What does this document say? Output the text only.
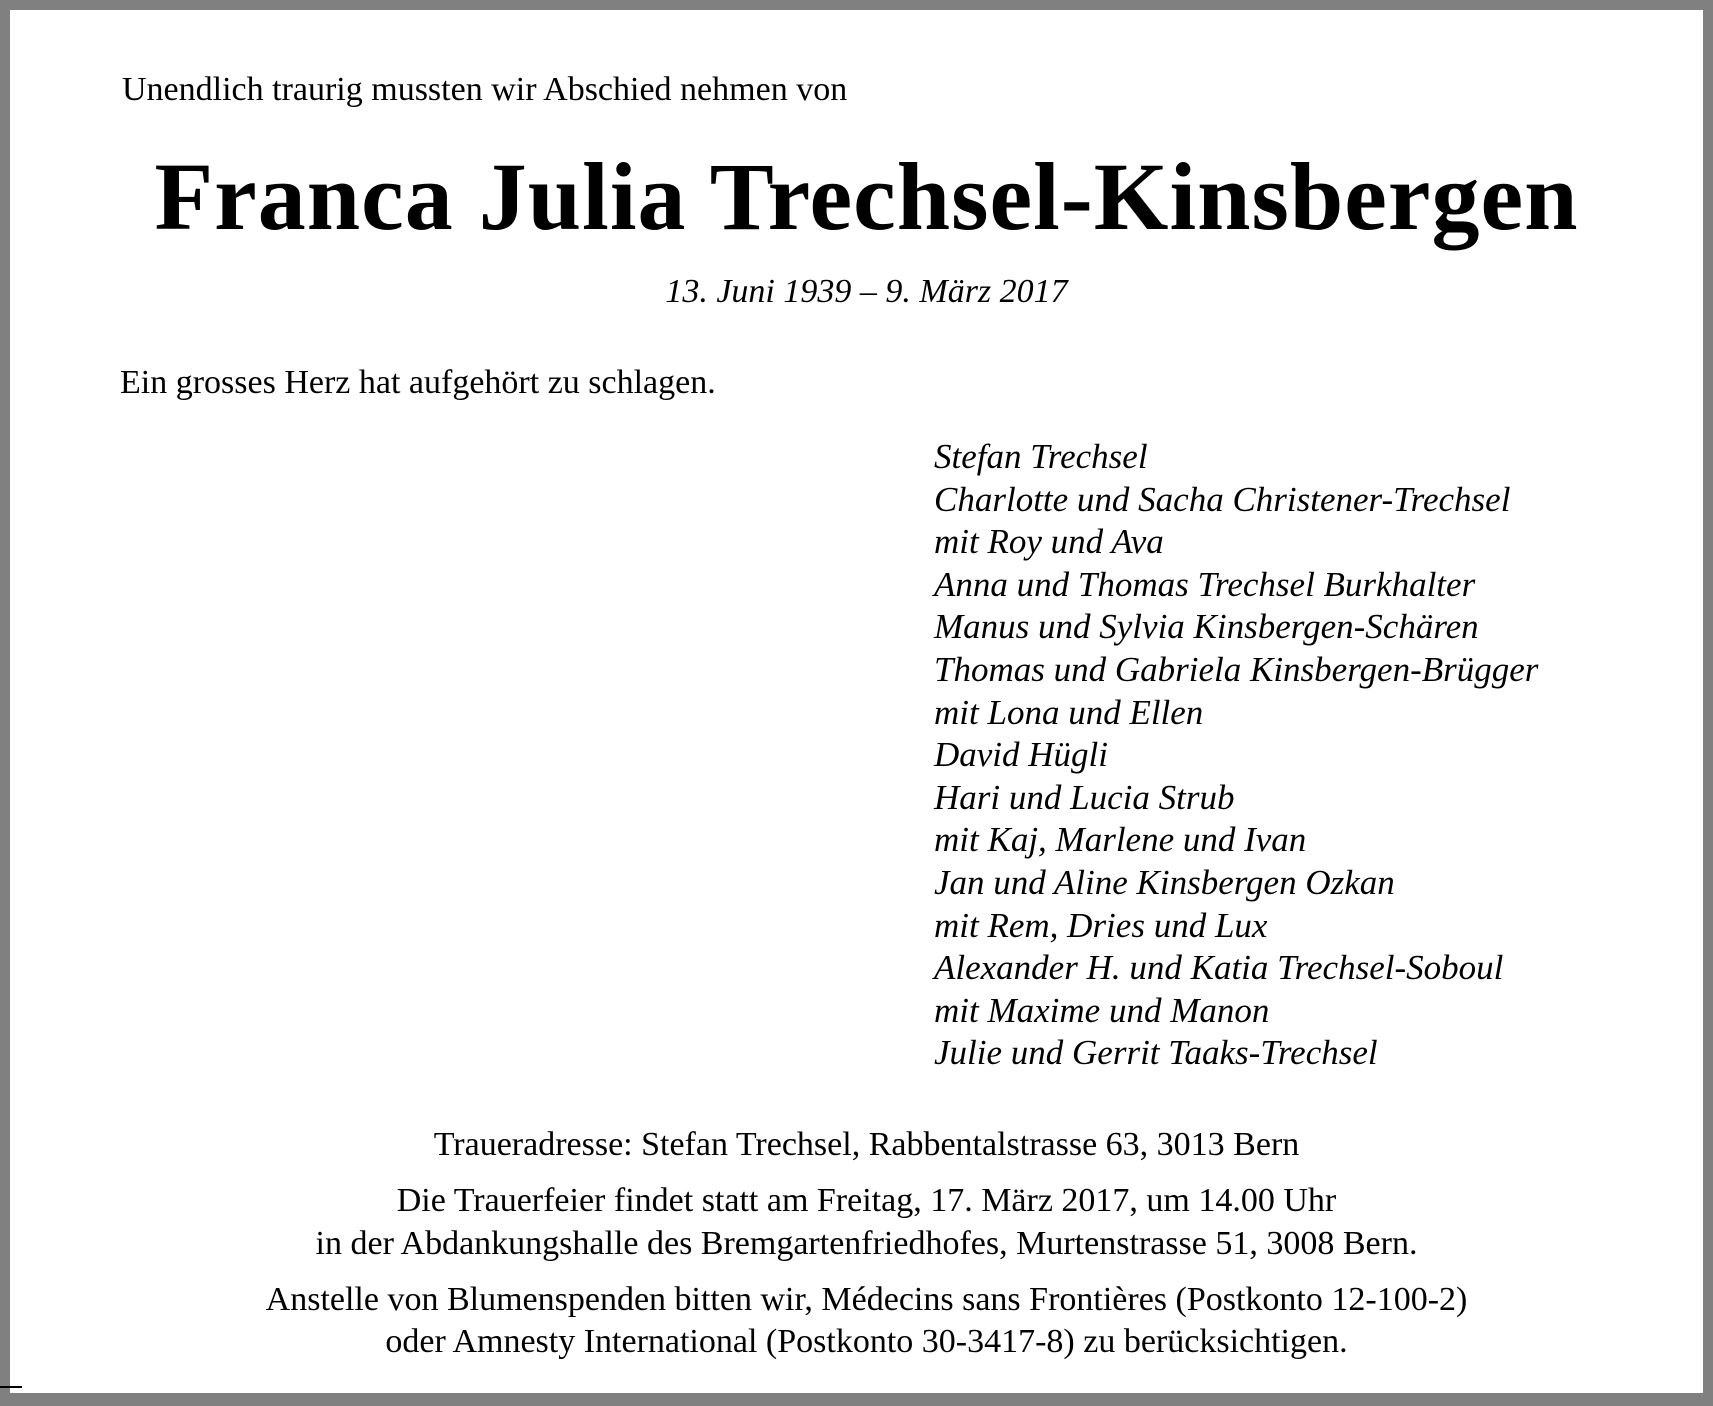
Unendlich traurig mussten wir Abschied nehmen von
Franca Julia Trechsel-Kinsbergen
13. Juni 1939 – 9. März 2017
Ein grosses Herz hat aufgehört zu schlagen.
Stefan Trechsel
Charlotte und Sacha Christener-Trechsel
mit Roy und Ava
Anna und Thomas Trechsel Burkhalter
Manus und Sylvia Kinsbergen-Schären
Thomas und Gabriela Kinsbergen-Brügger
mit Lona und Ellen
David Hügli
Hari und Lucia Strub
mit Kaj, Marlene und Ivan
Jan und Aline Kinsbergen Ozkan
mit Rem, Dries und Lux
Alexander H. und Katia Trechsel-Soboul
mit Maxime und Manon
Julie und Gerrit Taaks-Trechsel
Traueradresse: Stefan Trechsel, Rabbentalstrasse 63, 3013 Bern
Die Trauerfeier findet statt am Freitag, 17. März 2017, um 14.00 Uhr
in der Abdankungshalle des Bremgartenfriedhofes, Murtenstrasse 51, 3008 Bern.
Anstelle von Blumenspenden bitten wir, Médecins sans Frontières (Postkonto 12-100-2)
oder Amnesty International (Postkonto 30-3417-8) zu berücksichtigen.
